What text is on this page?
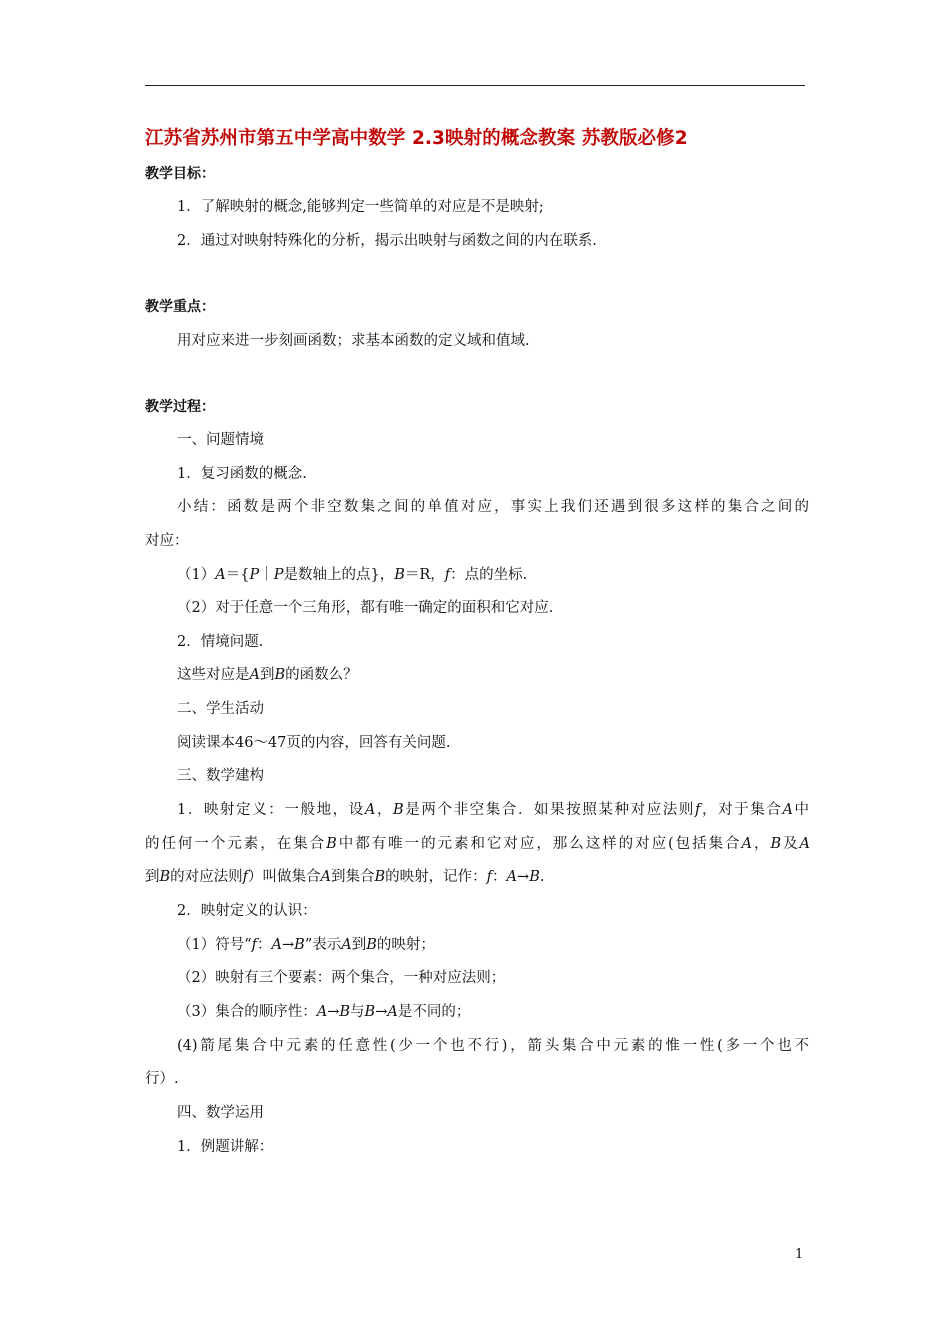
江苏省苏州市第五中学高中数学 2.3映射的概念教案 苏教版必修2
教学目标：
1．了解映射的概念,能够判定一些简单的对应是不是映射;
2．通过对映射特殊化的分析，揭示出映射与函数之间的内在联系.
教学重点：
用对应来进一步刻画函数；求基本函数的定义域和值域.
教学过程：
一、问题情境
1．复习函数的概念.
小结：函数是两个非空数集之间的单值对应，事实上我们还遇到很多这样的集合之间的
对应：
（1）A＝{P｜P是数轴上的点}，B＝R，f：点的坐标.
（2）对于任意一个三角形，都有唯一确定的面积和它对应.
2．情境问题.
这些对应是A到B的函数么？
二、学生活动
阅读课本46～47页的内容，回答有关问题.
三、数学建构
1．映射定义：一般地，设A，B是两个非空集合．如果按照某种对应法则f，对于集合A中
的任何一个元素，在集合B中都有唯一的元素和它对应，那么这样的对应(包括集合A，B及A
到B的对应法则f）叫做集合A到集合B的映射，记作：f：A→B.
2．映射定义的认识：
（1）符号“f：A→B”表示A到B的映射；
（2）映射有三个要素：两个集合，一种对应法则；
（3）集合的顺序性：A→B与B→A是不同的；
(4)箭尾集合中元素的任意性(少一个也不行)，箭头集合中元素的惟一性(多一个也不
行）.
四、数学运用
1．例题讲解：
1
